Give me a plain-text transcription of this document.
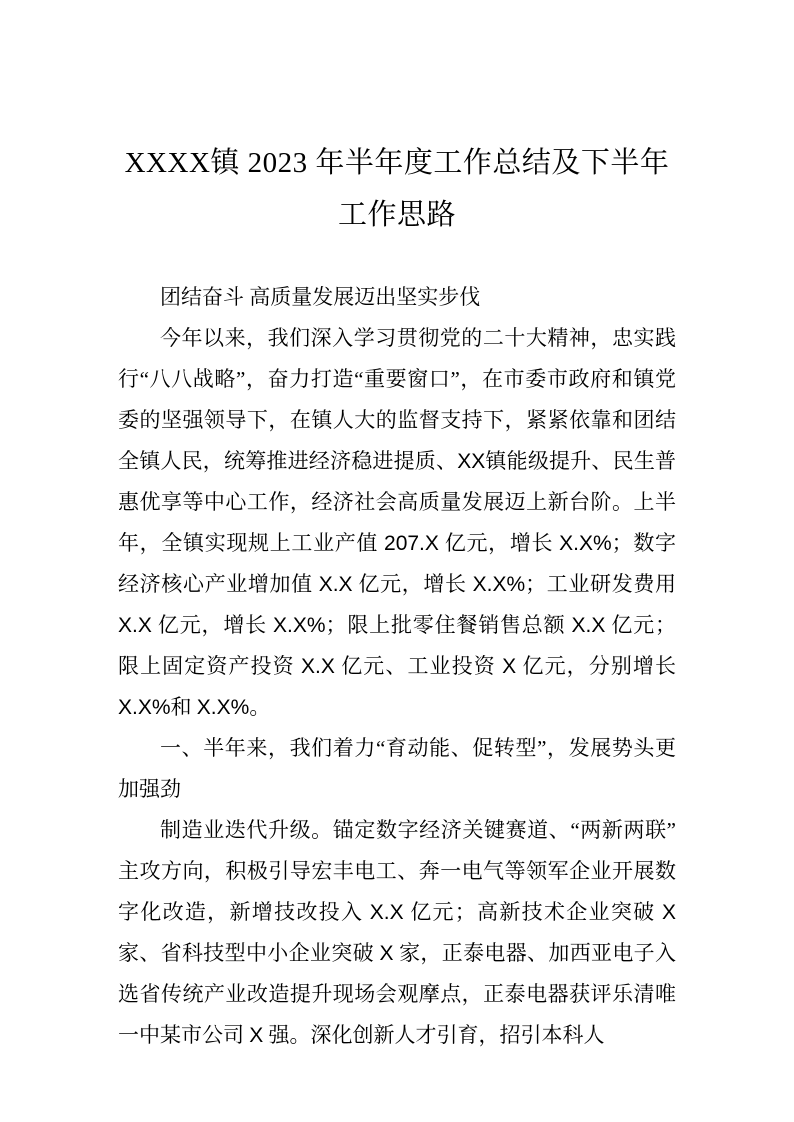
XXXX镇 2023 年半年度工作总结及下半年工作思路

团结奋斗 高质量发展迈出坚实步伐

今年以来，我们深入学习贯彻党的二十大精神，忠实践行“八八战略”，奋力打造“重要窗口”，在市委市政府和镇党委的坚强领导下，在镇人大的监督支持下，紧紧依靠和团结全镇人民，统筹推进经济稳进提质、XX镇能级提升、民生普惠优享等中心工作，经济社会高质量发展迈上新台阶。上半年，全镇实现规上工业产值 207.X 亿元，增长 X.X%；数字经济核心产业增加值 X.X 亿元，增长 X.X%；工业研发费用 X.X 亿元，增长 X.X%；限上批零住餐销售总额 X.X 亿元；限上固定资产投资 X.X 亿元、工业投资 X 亿元，分别增长 X.X%和 X.X%。

一、半年来，我们着力“育动能、促转型”，发展势头更加强劲

制造业迭代升级。锚定数字经济关键赛道、“两新两联”主攻方向，积极引导宏丰电工、奔一电气等领军企业开展数字化改造，新增技改投入 X.X 亿元；高新技术企业突破 X 家、省科技型中小企业突破 X 家，正泰电器、加西亚电子入选省传统产业改造提升现场会观摩点，正泰电器获评乐清唯一中某市公司 X 强。深化创新人才引育，招引本科人
